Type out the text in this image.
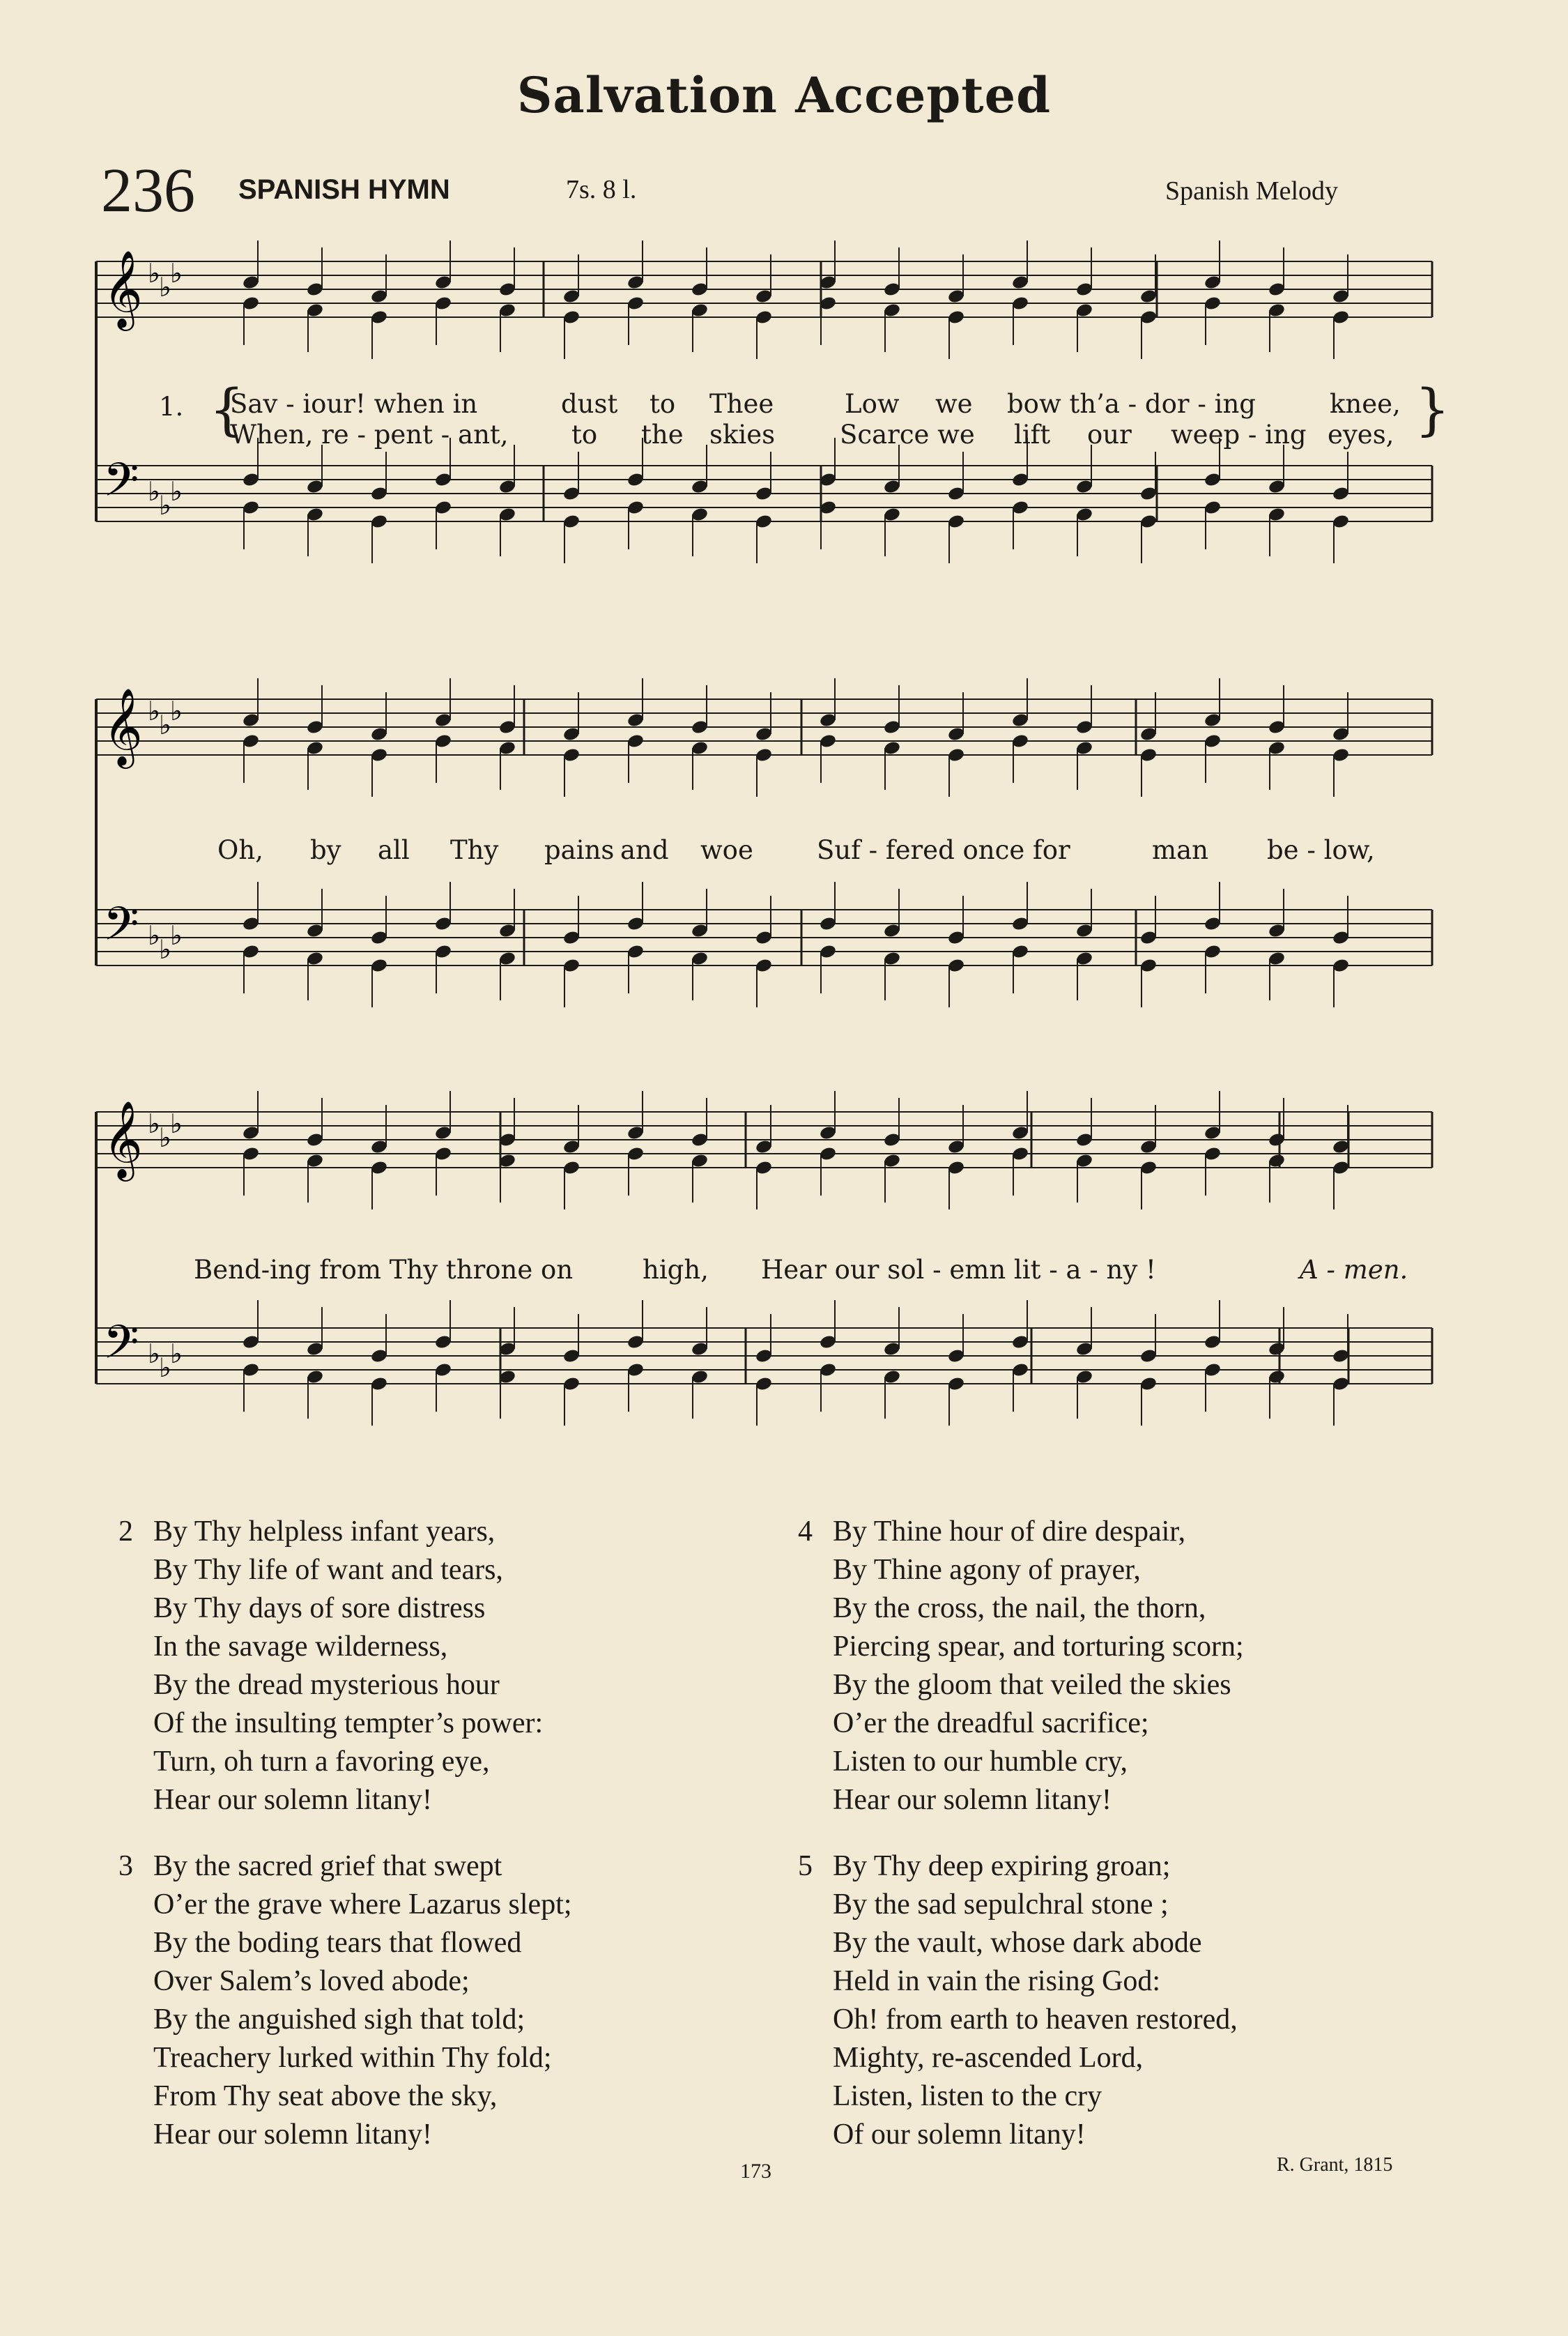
Salvation Accepted
236 SPANISH HYMN	7s. 8 l.	Spanish Melody
𝄞
𝄢
♭
♭
♭
♭
♭
♭
𝄞
𝄢
♭
♭
♭
♭
♭
♭
𝄞
𝄢
♭
♭
♭
♭
♭
♭
1. {	}
Sav - iour! when in	dust to Thee	Low we bow th’a - dor - ing	knee,
When, re - pent - ant, to the skies	Scarce we lift our weep - ing eyes,
Oh, by all Thy pains and woe Suf - fered once for	man be - low,
Bend-ing from Thy throne on	high, Hear our sol - emn lit - a - ny !	A - men.
2 By Thy helpless infant years,
By Thy life of want and tears,
By Thy days of sore distress
In the savage wilderness,
By the dread mysterious hour
Of the insulting tempter’s power:
Turn, oh turn a favoring eye,
Hear our solemn litany!
3 By the sacred grief that swept
O’er the grave where Lazarus slept;
By the boding tears that flowed
Over Salem’s loved abode;
By the anguished sigh that told;
Treachery lurked within Thy fold;
From Thy seat above the sky,
Hear our solemn litany!
4 By Thine hour of dire despair,
By Thine agony of prayer,
By the cross, the nail, the thorn,
Piercing spear, and torturing scorn;
By the gloom that veiled the skies
O’er the dreadful sacrifice;
Listen to our humble cry,
Hear our solemn litany!
5 By Thy deep expiring groan;
By the sad sepulchral stone ;
By the vault, whose dark abode
Held in vain the rising God:
Oh! from earth to heaven restored,
Mighty, re-ascended Lord,
Listen, listen to the cry
Of our solemn litany!
173	R. Grant, 1815
